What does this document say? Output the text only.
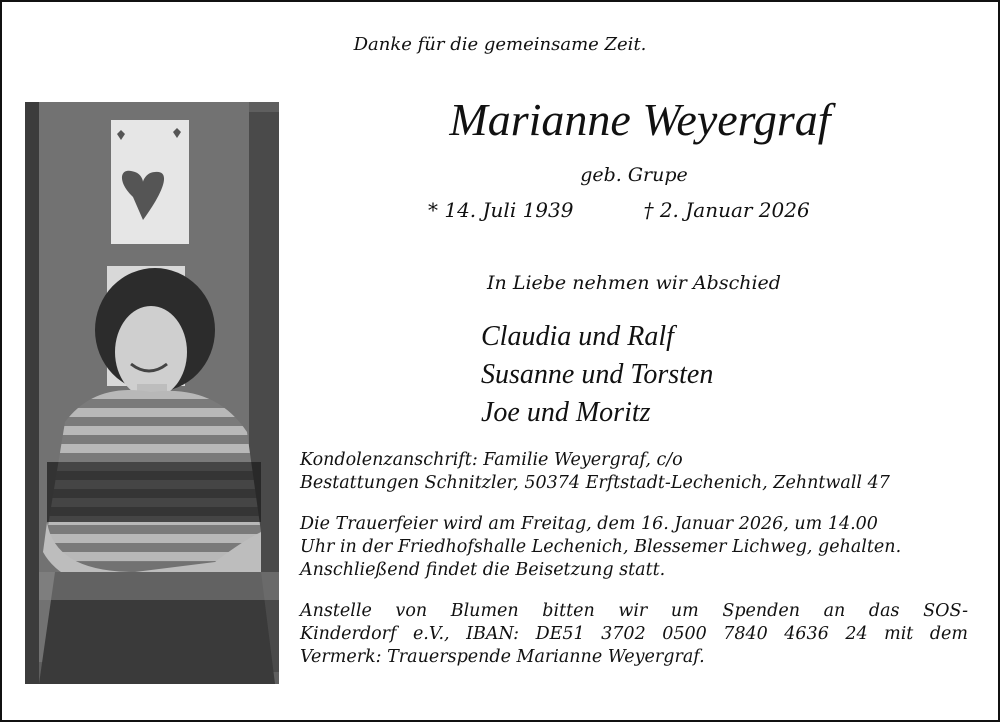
Danke für die gemeinsame Zeit.
Marianne Weyergraf
geb. Grupe
* 14. Juli 1939	† 2. Januar 2026
In Liebe nehmen wir Abschied
Claudia und Ralf
Susanne und Torsten
Joe und Moritz
Kondolenzanschrift: Familie Weyergraf, c/o
Bestattungen Schnitzler, 50374 Erftstadt-Lechenich, Zehntwall 47
Die Trauerfeier wird am Freitag, dem 16. Januar 2026, um 14.00
Uhr in der Friedhofshalle Lechenich, Blessemer Lichweg, gehalten.
Anschließend findet die Beisetzung statt.
Anstelle von Blumen bitten wir um Spenden an das SOS-
Kinderdorf e.V., IBAN: DE51 3702 0500 7840 4636 24 mit dem
Vermerk: Trauerspende Marianne Weyergraf.
